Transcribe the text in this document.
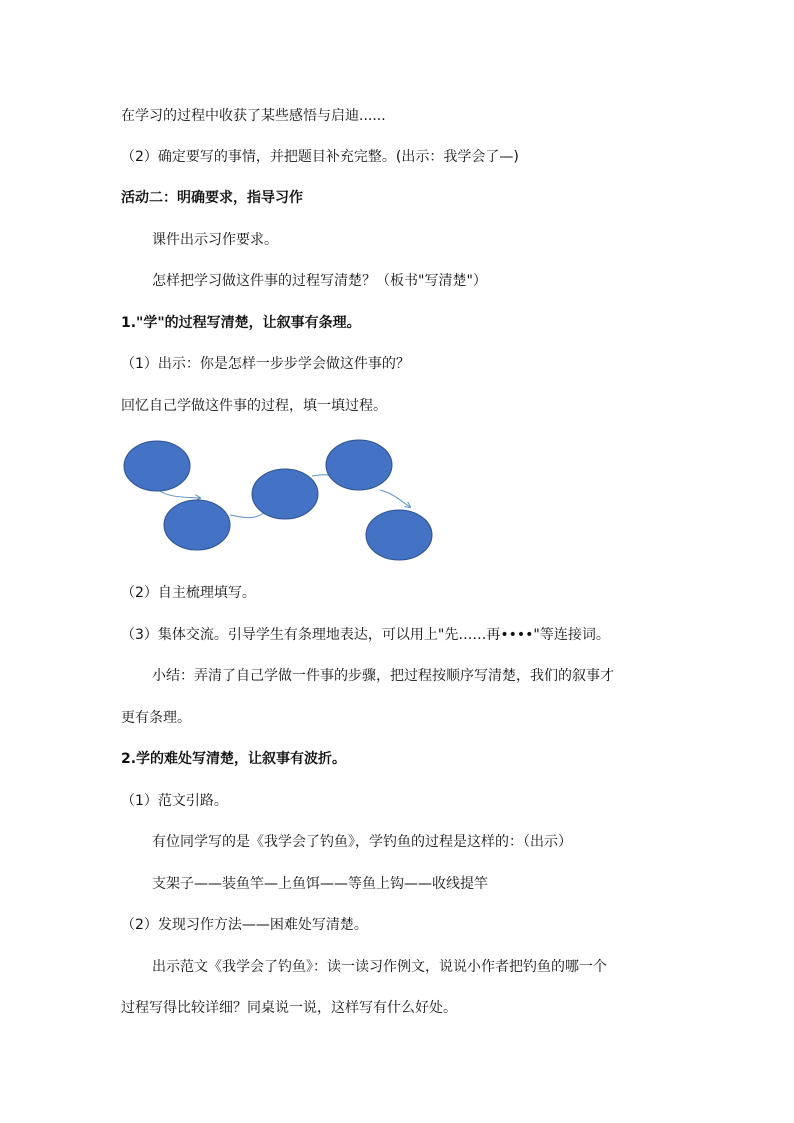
在学习的过程中收获了某些感悟与启迪......
（2）确定要写的事情，并把题目补充完整。(出示：我学会了—)
活动二：明确要求，指导习作
课件出示习作要求。
怎样把学习做这件事的过程写清楚？（板书"写清楚"）
1."学"的过程写清楚，让叙事有条理。
（1）出示：你是怎样一步步学会做这件事的？
回忆自己学做这件事的过程，填一填过程。
（2）自主梳理填写。
（3）集体交流。引导学生有条理地表达，可以用上"先……再••••"等连接词。
小结：弄清了自己学做一件事的步骤，把过程按顺序写清楚，我们的叙事才
更有条理。
2.学的难处写清楚，让叙事有波折。
（1）范文引路。
有位同学写的是《我学会了钓鱼》，学钓鱼的过程是这样的：（出示）
支架子——装鱼竿—上鱼饵——等鱼上钩——收线提竿
（2）发现习作方法——困难处写清楚。
出示范文《我学会了钓鱼》：读一读习作例文，说说小作者把钓鱼的哪一个
过程写得比较详细？同桌说一说，这样写有什么好处。
